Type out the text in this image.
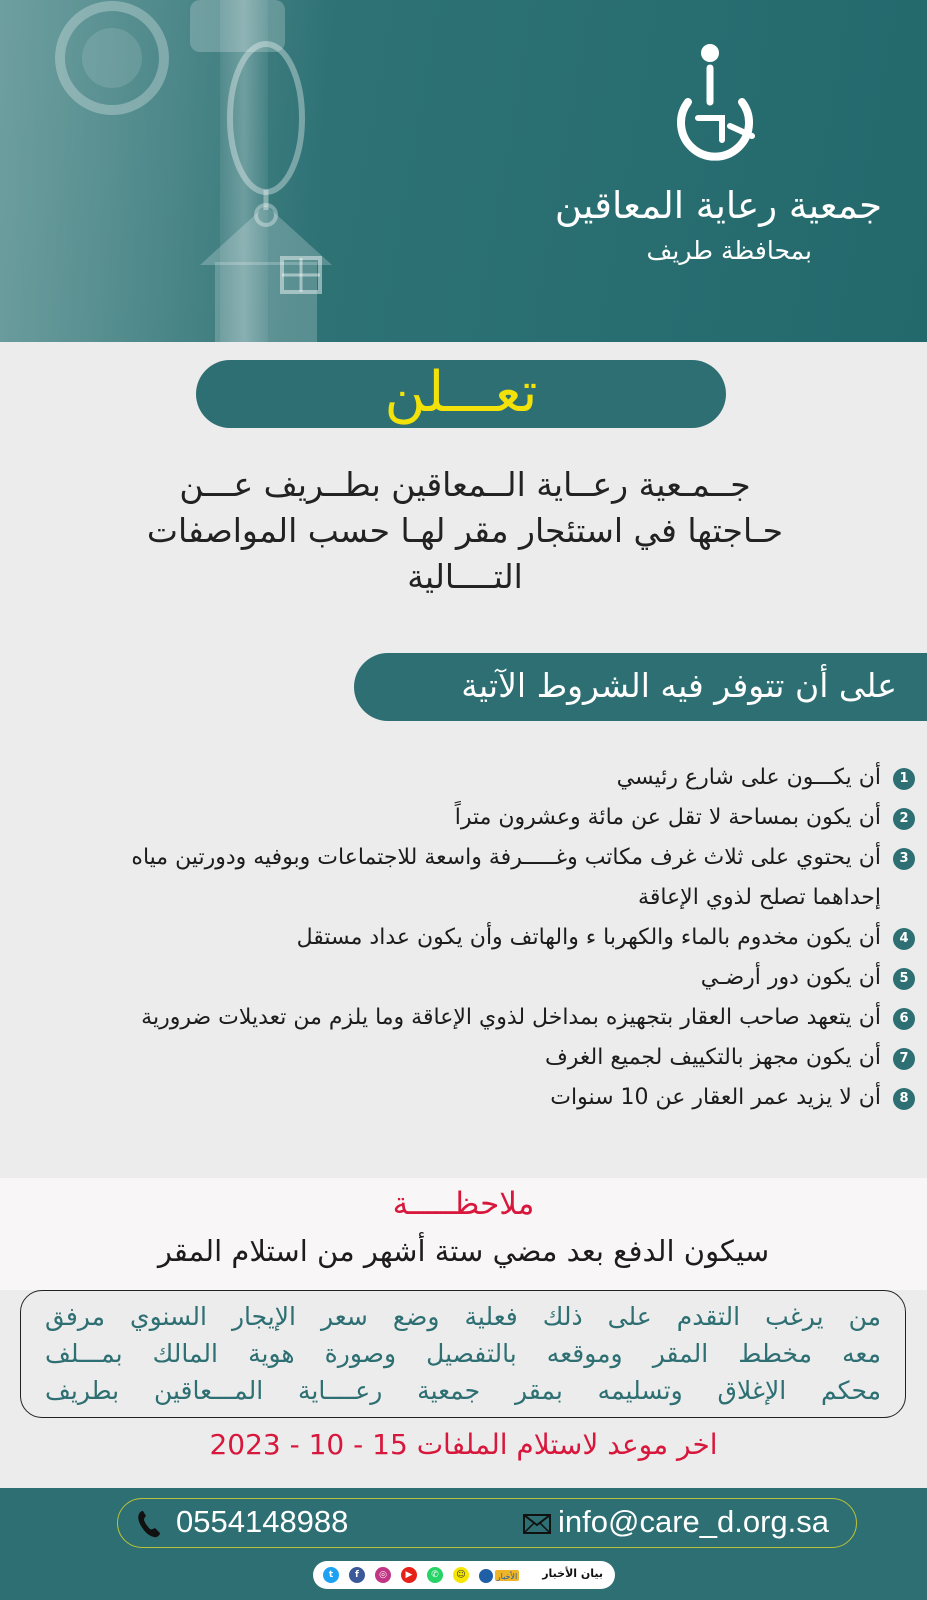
جمعية رعاية المعاقين
بمحافظة طريف
تعـــلن
جــمـعية رعــاية الــمعاقين بطــريف عـــن
حـاجتها في استئجار مقر لهـا حسب المواصفات
التــــالية
على أن تتوفر فيه الشروط الآتية
1
أن يكـــون على شارع رئيسي
2
أن يكون بمساحة لا تقل عن مائة وعشرون متراً
3
أن يحتوي على ثلاث غرف مكاتب وغـــــرفة واسعة للاجتماعات وبوفيه ودورتين مياه إحداهما تصلح لذوي الإعاقة
4
أن يكون مخدوم بالماء والكهربا ء والهاتف وأن يكون عداد مستقل
5
أن يكون دور أرضـي
6
أن يتعهد صاحب العقار بتجهيزه بمداخل لذوي الإعاقة وما يلزم من تعديلات ضرورية
7
أن يكون مجهز بالتكييف لجميع الغرف
8
أن لا يزيد عمر العقار عن 10 سنوات
ملاحظـــــة
سيكون الدفع بعد مضي ستة أشهر من استلام المقر
من يرغب التقدم على ذلك فعلية وضع سعر الإيجار السنوي مرفق
معه مخطط المقر وموقعه بالتفصيل وصورة هوية المالك بمـــلف
محكم الإغلاق وتسليمه بمقر جمعية رعــــاية المـــعاقين بطريف
اخر موعد لاستلام الملفات 15 - 10 - 2023
0554148988	info@care_d.org.sa
t	f	◎	▶	✆	☺	الأخبار بيان الأخبار
